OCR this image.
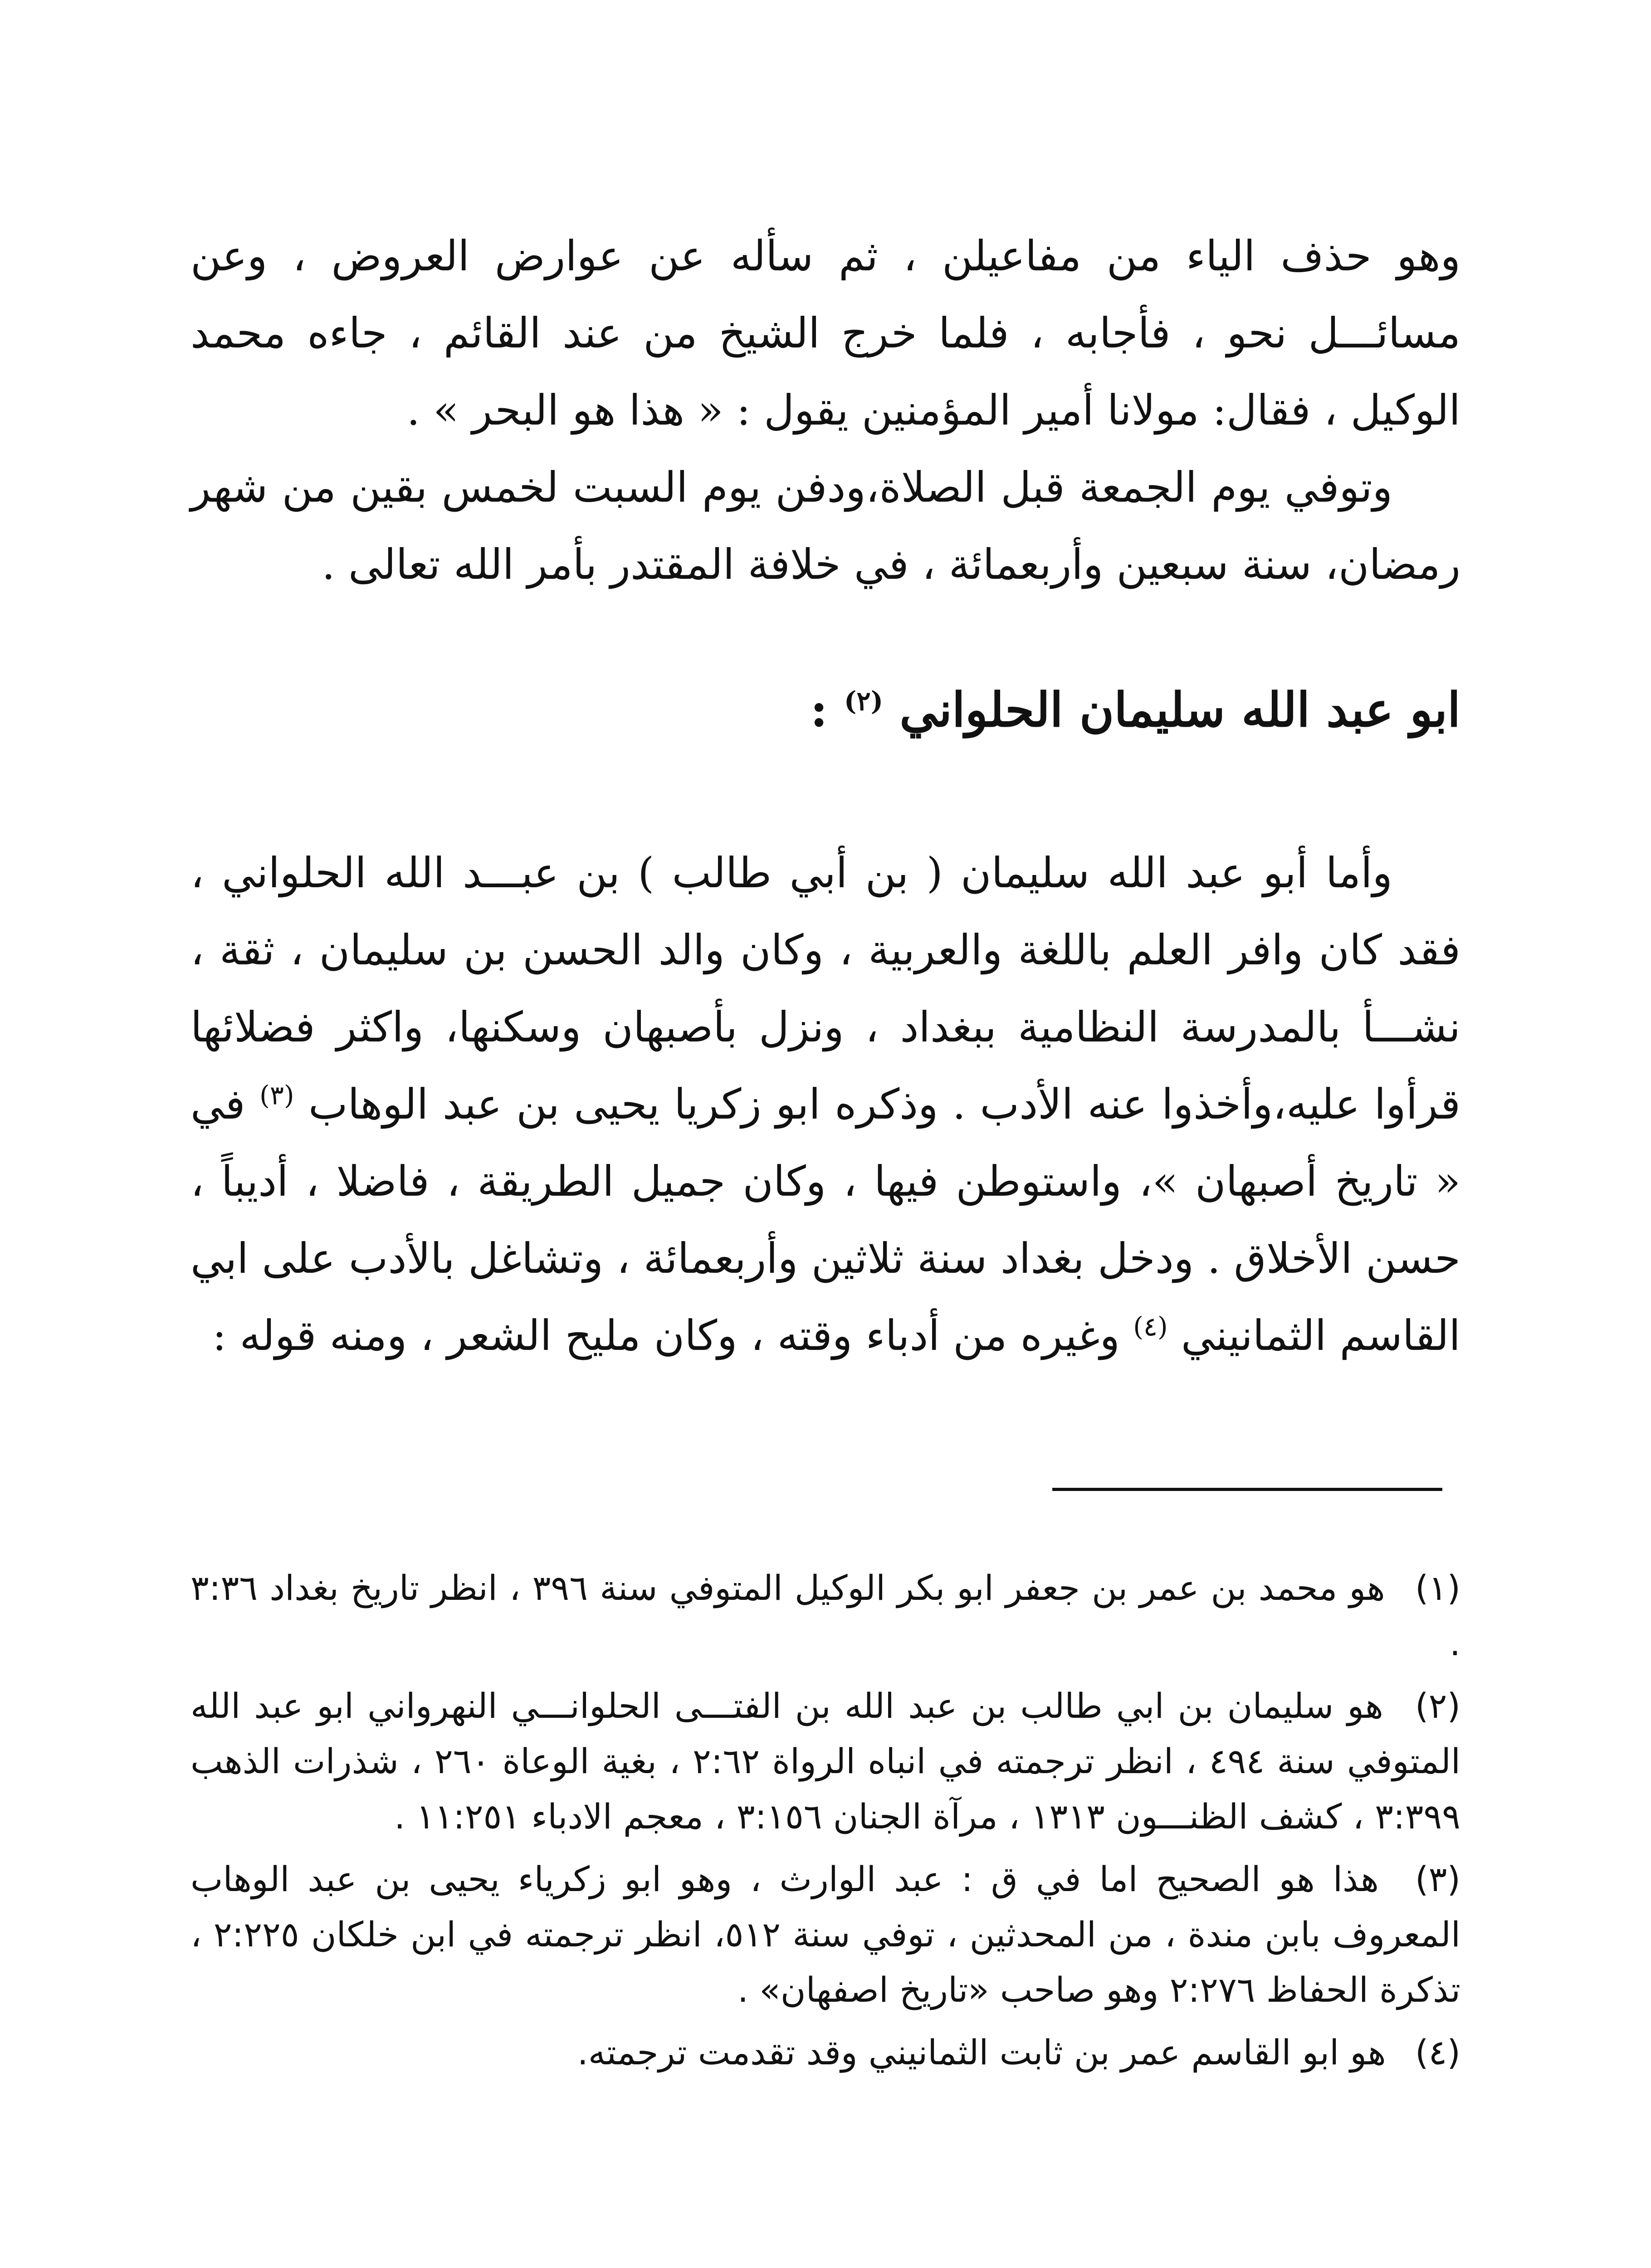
وهو حذف الياء من مفاعيلن ، ثم سأله عن عوارض العروض ، وعن مسائـــل نحو ، فأجابه ، فلما خرج الشيخ من عند القائم ، جاءه محمد الوكيل ، فقال: مولانا أمير المؤمنين يقول : « هذا هو البحر » .

وتوفي يوم الجمعة قبل الصلاة،ودفن يوم السبت لخمس بقين من شهر رمضان، سنة سبعين وأربعمائة ، في خلافة المقتدر بأمر الله تعالى .

ابو عبد الله سليمان الحلواني $^{(٢)}$ :

وأما أبو عبد الله سليمان ( بن أبي طالب ) بن عبـــد الله الحلواني ، فقد كان وافر العلم باللغة والعربية ، وكان والد الحسن بن سليمان ، ثقة ، نشـــأ بالمدرسة النظامية ببغداد ، ونزل بأصبهان وسكنها، واكثر فضلائها قرأوا عليه،وأخذوا عنه الأدب . وذكره ابو زكريا يحيى بن عبد الوهاب $^{(٣)}$ في « تاريخ أصبهان »، واستوطن فيها ، وكان جميل الطريقة ، فاضلا ، أديباً ، حسن الأخلاق . ودخل بغداد سنة ثلاثين وأربعمائة ، وتشاغل بالأدب على ابي القاسم الثمانيني $^{(٤)}$ وغيره من أدباء وقته ، وكان مليح الشعر ، ومنه قوله :

(١) هو محمد بن عمر بن جعفر ابو بكر الوكيل المتوفي سنة ٣٩٦ ، انظر تاريخ بغداد ٣:٣٦ .

(٢) هو سليمان بن ابي طالب بن عبد الله بن الفتـــى الحلوانـــي النهرواني ابو عبد الله المتوفي سنة ٤٩٤ ، انظر ترجمته في انباه الرواة ٢:٦٢ ، بغية الوعاة ٢٦٠ ، شذرات الذهب ٣:٣٩٩ ، كشف الظنـــون ١٣١٣ ، مرآة الجنان ٣:١٥٦ ، معجم الادباء ١١:٢٥١ .

(٣) هذا هو الصحيح اما في ق : عبد الوارث ، وهو ابو زكرياء يحيى بن عبد الوهاب المعروف بابن مندة ، من المحدثين ، توفي سنة ٥١٢، انظر ترجمته في ابن خلكان ٢:٢٢٥ ، تذكرة الحفاظ ٢:٢٧٦ وهو صاحب «تاريخ اصفهان» .

(٤) هو ابو القاسم عمر بن ثابت الثمانيني وقد تقدمت ترجمته.
